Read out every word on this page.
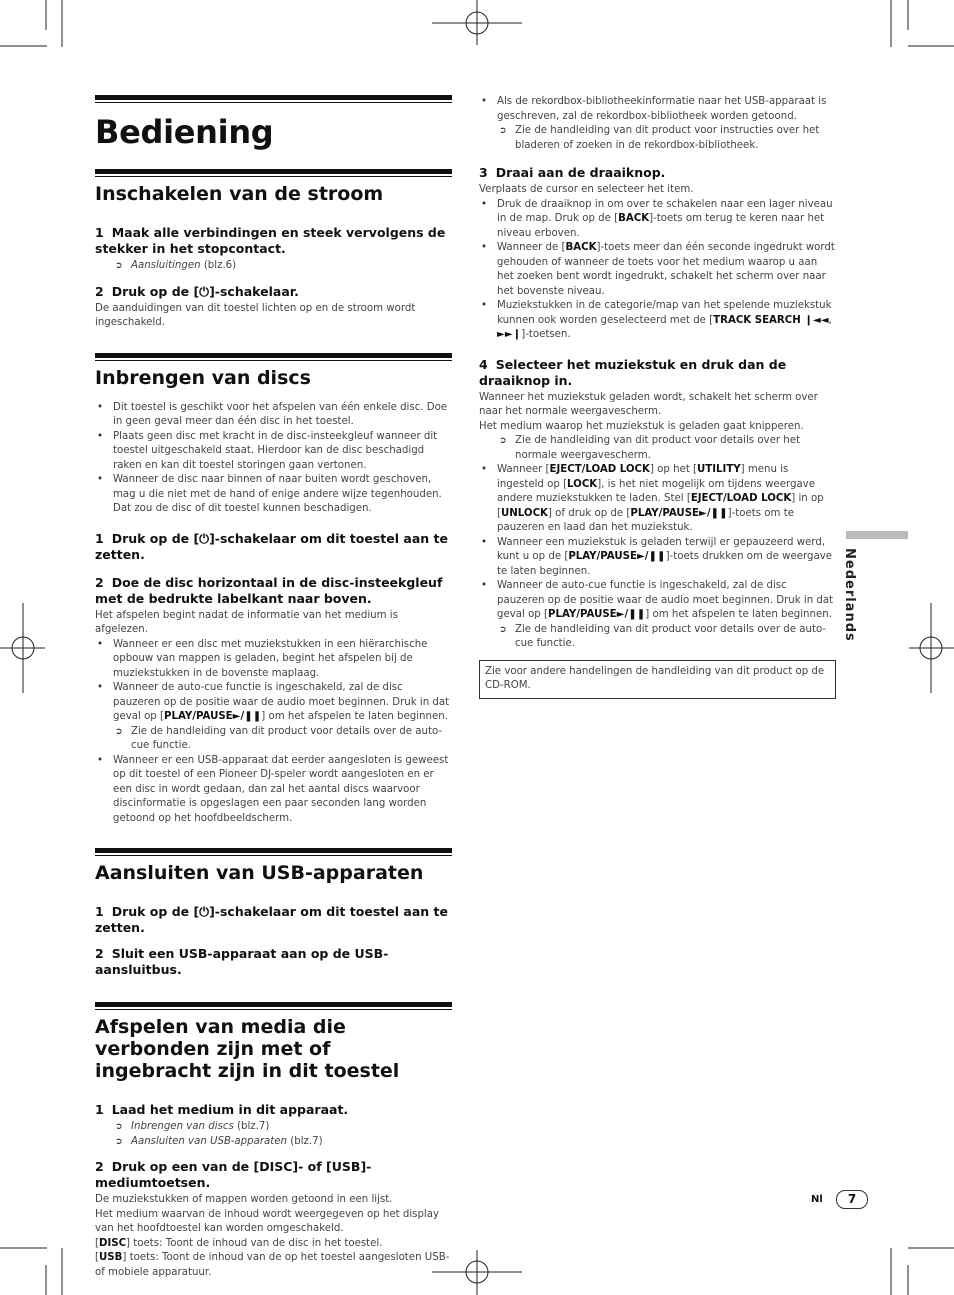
Bediening
Inschakelen van de stroom
1 Maak alle verbindingen en steek vervolgens de stekker in het stopcontact.
➲ Aansluitingen (blz.6)
2 Druk op de [⏻]-schakelaar.

De aanduidingen van dit toestel lichten op en de stroom wordt ingeschakeld.

Inbrengen van discs
• Dit toestel is geschikt voor het afspelen van één enkele disc. Doe in geen geval meer dan één disc in het toestel.
• Plaats geen disc met kracht in de disc-insteekgleuf wanneer dit toestel uitgeschakeld staat. Hierdoor kan de disc beschadigd raken en kan dit toestel storingen gaan vertonen.
• Wanneer de disc naar binnen of naar buiten wordt geschoven, mag u die niet met de hand of enige andere wijze tegenhouden. Dat zou de disc of dit toestel kunnen beschadigen.
1 Druk op de [⏻]-schakelaar om dit toestel aan te zetten.
2 Doe de disc horizontaal in de disc-insteekgleuf met de bedrukte labelkant naar boven.

Het afspelen begint nadat de informatie van het medium is afgelezen.

• Wanneer er een disc met muziekstukken in een hiërarchische opbouw van mappen is geladen, begint het afspelen bij de muziekstukken in de bovenste maplaag.
• Wanneer de auto-cue functie is ingeschakeld, zal de disc pauzeren op de positie waar de audio moet beginnen. Druk in dat geval op [PLAY/PAUSE►/❚❚] om het afspelen te laten beginnen.
➲ Zie de handleiding van dit product voor details over de auto-cue functie.
• Wanneer er een USB-apparaat dat eerder aangesloten is geweest op dit toestel of een Pioneer DJ-speler wordt aangesloten en er een disc in wordt gedaan, dan zal het aantal discs waarvoor discinformatie is opgeslagen een paar seconden lang worden getoond op het hoofdbeeldscherm.
Aansluiten van USB-apparaten
1 Druk op de [⏻]-schakelaar om dit toestel aan te zetten.
2 Sluit een USB-apparaat aan op de USB-aansluitbus.
Afspelen van media die verbonden zijn met of ingebracht zijn in dit toestel
1 Laad het medium in dit apparaat.
➲ Inbrengen van discs (blz.7)
➲ Aansluiten van USB-apparaten (blz.7)
2 Druk op een van de [DISC]- of [USB]-mediumtoetsen.

De muziekstukken of mappen worden getoond in een lijst.

Het medium waarvan de inhoud wordt weergegeven op het display van het hoofdtoestel kan worden omgeschakeld.

[DISC] toets: Toont de inhoud van de disc in het toestel.

[USB] toets: Toont de inhoud van de op het toestel aangesloten USB- of mobiele apparatuur.

• Als de rekordbox-bibliotheekinformatie naar het USB-apparaat is geschreven, zal de rekordbox-bibliotheek worden getoond.
➲ Zie de handleiding van dit product voor instructies over het bladeren of zoeken in de rekordbox-bibliotheek.
3 Draai aan de draaiknop.

Verplaats de cursor en selecteer het item.

• Druk de draaiknop in om over te schakelen naar een lager niveau in de map. Druk op de [BACK]-toets om terug te keren naar het niveau erboven.
• Wanneer de [BACK]-toets meer dan één seconde ingedrukt wordt gehouden of wanneer de toets voor het medium waarop u aan het zoeken bent wordt ingedrukt, schakelt het scherm over naar het bovenste niveau.
• Muziekstukken in de categorie/map van het spelende muziekstuk kunnen ook worden geselecteerd met de [TRACK SEARCH ❙◄◄, ►►❙]-toetsen.
4 Selecteer het muziekstuk en druk dan de draaiknop in.

Wanneer het muziekstuk geladen wordt, schakelt het scherm over naar het normale weergavescherm.

Het medium waarop het muziekstuk is geladen gaat knipperen.

➲ Zie de handleiding van dit product voor details over het normale weergavescherm.
• Wanneer [EJECT/LOAD LOCK] op het [UTILITY] menu is ingesteld op [LOCK], is het niet mogelijk om tijdens weergave andere muziekstukken te laden. Stel [EJECT/LOAD LOCK] in op [UNLOCK] of druk op de [PLAY/PAUSE►/❚❚]-toets om te pauzeren en laad dan het muziekstuk.
• Wanneer een muziekstuk is geladen terwijl er gepauzeerd werd, kunt u op de [PLAY/PAUSE►/❚❚]-toets drukken om de weergave te laten beginnen.
• Wanneer de auto-cue functie is ingeschakeld, zal de disc pauzeren op de positie waar de audio moet beginnen. Druk in dat geval op [PLAY/PAUSE►/❚❚] om het afspelen te laten beginnen.
➲ Zie de handleiding van dit product voor details over de auto-cue functie.
Zie voor andere handelingen de handleiding van dit product op de CD-ROM.
Nederlands
Nl	7
